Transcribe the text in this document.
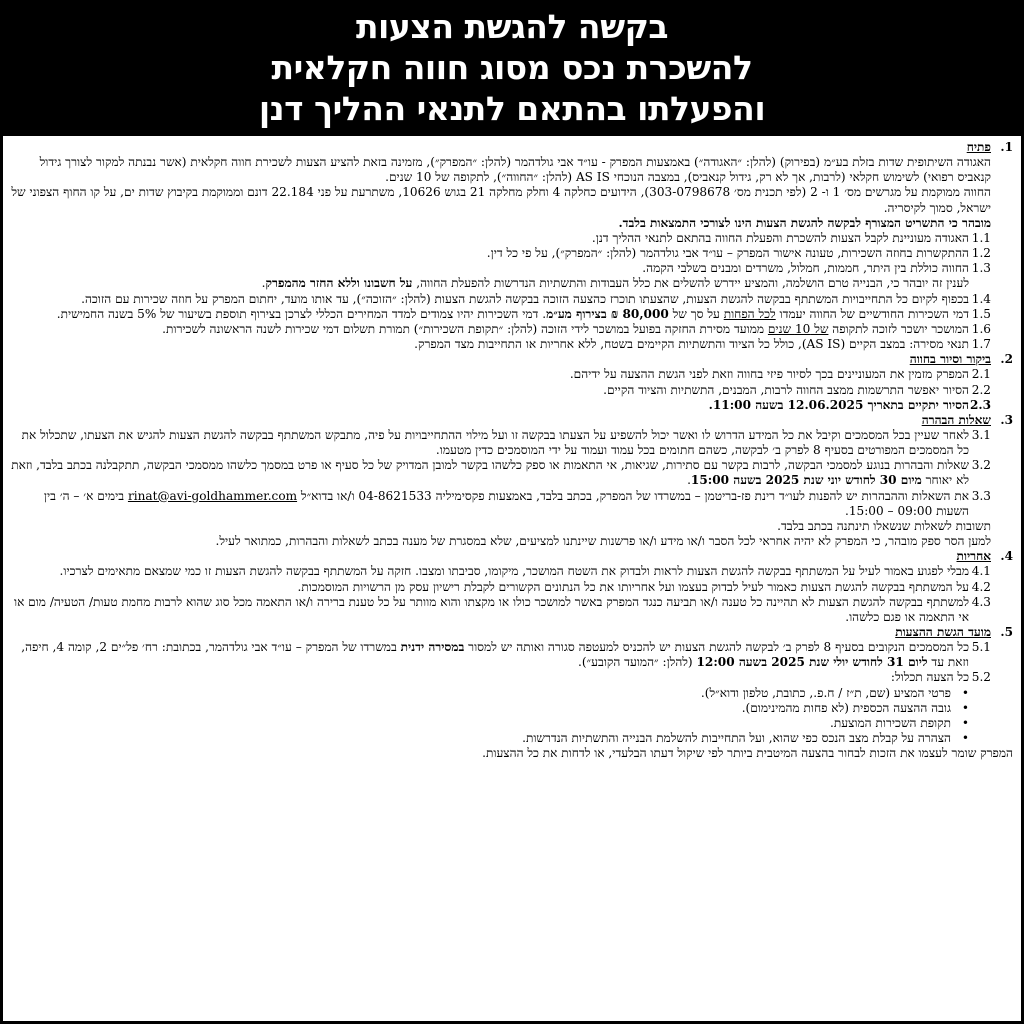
בקשה להגשת הצעות
להשכרת נכס מסוג חווה חקלאית
והפעלתו בהתאם לתנאי ההליך דנן
1.
פתיח
האגודה השיתופית שדות בזלת בע״מ (בפירוק) (להלן: ״האגודה״) באמצעות המפרק - עו״ד אבי גולדהמר (להלן: ״המפרק״), מזמינה בזאת להציע הצעות לשכירת חווה חקלאית (אשר נבנתה למקור לצורך גידול קנאביס רפואי) לשימוש חקלאי (לרבות, אך לא רק, גידול קנאביס), במצבה הנוכחי AS IS (להלן: ״החווה״), לתקופה של 10 שנים.
החווה ממוקמת על מגרשים מס׳ 1 ו- 2 (לפי תכנית מס׳ 303-0798678), הידועים כחלקה 4 וחלק מחלקה 21 בגוש 10626, משתרעת על פני 22.184 דונם וממוקמת בקיבוץ שדות ים, על קו החוף הצפוני של ישראל, סמוך לקיסריה.
מובהר כי התשריט המצורף לבקשה להגשת הצעות הינו לצורכי התמצאות בלבד.
1.1
האגודה מעוניינת לקבל הצעות להשכרת והפעלת החווה בהתאם לתנאי ההליך דנן.
1.2
ההתקשרות בחוזה השכירות, טעונה אישור המפרק – עו״ד אבי גולדהמר (להלן: ״המפרק״), על פי כל דין.
1.3
החווה כוללת בין היתר, חממות, חמלול, משרדים ומבנים בשלבי הקמה.
לענין זה יובהר כי, הבנייה טרם הושלמה, והמציע יידרש להשלים את כלל העבודות והתשתיות הנדרשות להפעלת החווה, על חשבונו וללא החזר מהמפרק.
1.4
בכפוף לקיום כל התחייבויות המשתתף בבקשה להגשת הצעות, שהצעתו תוכרז כהצעה הזוכה בבקשה להגשת הצעות (להלן: ״הזוכה״), עד אותו מועד, יחתום המפרק על חוזה שכירות עם הזוכה.
1.5
דמי השכירות החודשיים של החווה יעמדו לכל הפחות על סך של 80,000 ₪ בצירוף מע״מ. דמי השכירות יהיו צמודים למדד המחירים הכללי לצרכן בצירוף תוספת בשיעור של 5% בשנה החמישית.
1.6
המושכר יושכר לזוכה לתקופה של 10 שנים ממועד מסירת החזקה בפועל במושכר לידי הזוכה (להלן: ״תקופת השכירות״) תמורת תשלום דמי שכירות לשנה הראשונה לשכירות.
1.7
תנאי מסירה: במצב הקיים (AS IS), כולל כל הציוד והתשתיות הקיימים בשטח, ללא אחריות או התחייבות מצד המפרק.
2.
ביקור וסיור בחווה
2.1
המפרק מזמין את המעוניינים בכך לסיור פיזי בחווה וזאת לפני הגשת ההצעה על ידיהם.
2.2
הסיור יאפשר התרשמות ממצב החווה לרבות, המבנים, התשתיות והציוד הקיים.
2.3
הסיור יתקיים בתאריך 12.06.2025 בשעה 11:00.
3.
שאלות הבהרה
3.1
לאחר שעיין בכל המסמכים וקיבל את כל המידע הדרוש לו ואשר יכול להשפיע על הצעתו בבקשה זו ועל מילוי ההתחייבויות על פיה, מתבקש המשתתף בבקשה להגשת הצעות להגיש את הצעתו, שתכלול את כל המסמכים המפורטים בסעיף 8 לפרק ב׳ לבקשה, כשהם חתומים בכל עמוד ועמוד על ידי המוסמכים כדין מטעמו.
3.2
שאלות והבהרות בנוגע למסמכי הבקשה, לרבות בקשר עם סתירות, שגיאות, אי התאמות או ספק כלשהו בקשר למובן המדויק של כל סעיף או פרט במסמך כלשהו ממסמכי הבקשה, תתקבלנה בכתב בלבד, וזאת לא יאוחר מיום 30 לחודש יוני שנת 2025 בשעה 15:00.
3.3
את השאלות וההבהרות יש להפנות לעו״ד רינת פז-בריטמן – במשרדו של המפרק, בכתב בלבד, באמצעות פקסימיליה 04-8621533 ו/או בדוא״ל rinat@avi-goldhammer.com בימים א׳ – ה׳ בין השעות 09:00 – 15:00.
תשובות לשאלות שנשאלו תינתנה בכתב בלבד.
למען הסר ספק מובהר, כי המפרק לא יהיה אחראי לכל הסבר ו/או מידע ו/או פרשנות שיינתנו למציעים, שלא במסגרת של מענה בכתב לשאלות והבהרות, כמתואר לעיל.
4.
אחריות
4.1
מבלי לפגוע באמור לעיל על המשתתף בבקשה להגשת הצעות לראות ולבדוק את השטח המושכר, מיקומו, סביבתו ומצבו. חזקה על המשתתף בבקשה להגשת הצעות זו כמי שמצאם מתאימים לצרכיו.
4.2
על המשתתף בבקשה להגשת הצעות כאמור לעיל לבדוק בעצמו ועל אחריותו את כל הנתונים הקשורים לקבלת רישיון עסק מן הרשויות המוסמכות.
4.3
למשתתף בבקשה להגשת הצעות לא תהיינה כל טענה ו/או תביעה כנגד המפרק באשר למושכר כולו או מקצתו והוא מוותר על כל טענת ברירה ו/או התאמה מכל סוג שהוא לרבות מחמת טעות/ הטעיה/ מום או אי התאמה או פגם כלשהו.
5.
מועד הגשת ההצעות
5.1
כל המסמכים הנקובים בסעיף 8 לפרק ב׳ לבקשה להגשת הצעות יש להכניס למעטפה סגורה ואותה יש למסור במסירה ידנית במשרדו של המפרק – עו״ד אבי גולדהמר, בכתובת: רח׳ פל״ים 2, קומה 4, חיפה, וזאת עד ליום 31 לחודש יולי שנת 2025 בשעה 12:00 (להלן: ״המועד הקובע״).
5.2
כל הצעה תכלול:
• פרטי המציע (שם, ת״ז / ח.פ., כתובת, טלפון ודוא״ל).
• גובה ההצעה הכספית (לא פחות מהמינימום).
• תקופת השכירות המוצעת.
• הצהרה על קבלת מצב הנכס כפי שהוא, ועל התחייבות להשלמת הבנייה והתשתיות הנדרשות.
המפרק שומר לעצמו את הזכות לבחור בהצעה המיטבית ביותר לפי שיקול דעתו הבלעדי, או לדחות את כל ההצעות.
